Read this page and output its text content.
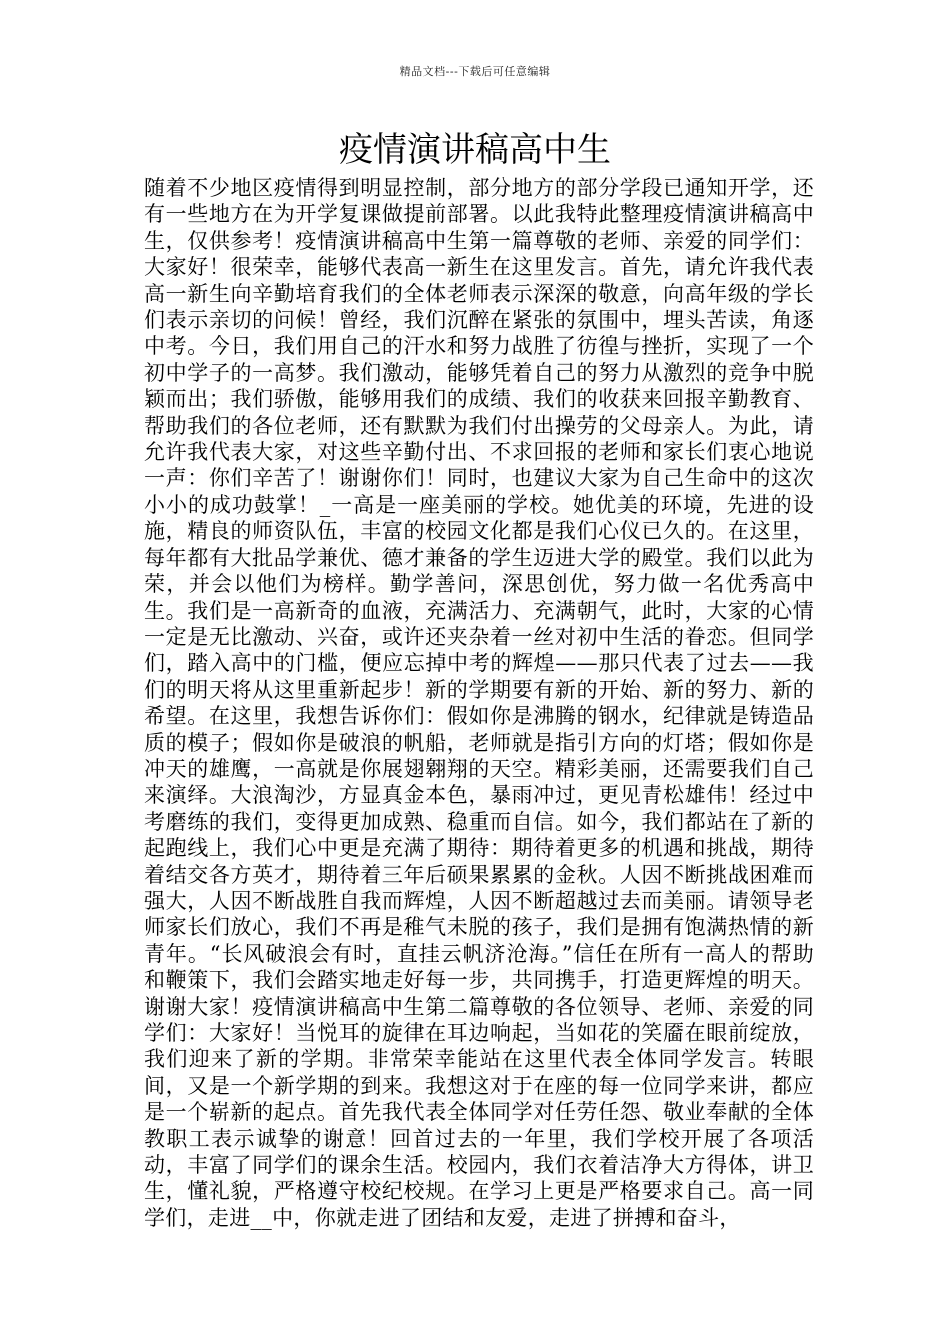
精品文档---下载后可任意编辑
疫情演讲稿高中生

随着不少地区疫情得到明显控制，部分地方的部分学段已通知开学，还有一些地方在为开学复课做提前部署。以此我特此整理疫情演讲稿高中生，仅供参考！疫情演讲稿高中生第一篇尊敬的老师、亲爱的同学们：大家好！很荣幸，能够代表高一新生在这里发言。首先，请允许我代表高一新生向辛勤培育我们的全体老师表示深深的敬意，向高年级的学长们表示亲切的问候！曾经，我们沉醉在紧张的氛围中，埋头苦读，角逐中考。今日，我们用自己的汗水和努力战胜了彷徨与挫折，实现了一个初中学子的一高梦。我们激动，能够凭着自己的努力从激烈的竞争中脱颖而出；我们骄傲，能够用我们的成绩、我们的收获来回报辛勤教育、帮助我们的各位老师，还有默默为我们付出操劳的父母亲人。为此，请允许我代表大家，对这些辛勤付出、不求回报的老师和家长们衷心地说一声：你们辛苦了！谢谢你们！同时，也建议大家为自己生命中的这次小小的成功鼓掌！_一高是一座美丽的学校。她优美的环境，先进的设施，精良的师资队伍，丰富的校园文化都是我们心仪已久的。在这里，每年都有大批品学兼优、德才兼备的学生迈进大学的殿堂。我们以此为荣，并会以他们为榜样。勤学善问，深思创优，努力做一名优秀高中生。我们是一高新奇的血液，充满活力、充满朝气，此时，大家的心情一定是无比激动、兴奋，或许还夹杂着一丝对初中生活的眷恋。但同学们，踏入高中的门槛，便应忘掉中考的辉煌——那只代表了过去——我们的明天将从这里重新起步！新的学期要有新的开始、新的努力、新的希望。在这里，我想告诉你们：假如你是沸腾的钢水，纪律就是铸造品质的模子；假如你是破浪的帆船，老师就是指引方向的灯塔；假如你是冲天的雄鹰，一高就是你展翅翱翔的天空。精彩美丽，还需要我们自己来演绎。大浪淘沙，方显真金本色，暴雨冲过，更见青松雄伟！经过中考磨练的我们，变得更加成熟、稳重而自信。如今，我们都站在了新的起跑线上，我们心中更是充满了期待：期待着更多的机遇和挑战，期待着结交各方英才，期待着三年后硕果累累的金秋。人因不断挑战困难而强大，人因不断战胜自我而辉煌，人因不断超越过去而美丽。请领导老师家长们放心，我们不再是稚气未脱的孩子，我们是拥有饱满热情的新青年。“长风破浪会有时，直挂云帆济沧海。”信任在所有一高人的帮助和鞭策下，我们会踏实地走好每一步，共同携手，打造更辉煌的明天。谢谢大家！疫情演讲稿高中生第二篇尊敬的各位领导、老师、亲爱的同学们：大家好！当悦耳的旋律在耳边响起，当如花的笑靥在眼前绽放，我们迎来了新的学期。非常荣幸能站在这里代表全体同学发言。转眼间，又是一个新学期的到来。我想这对于在座的每一位同学来讲，都应是一个崭新的起点。首先我代表全体同学对任劳任怨、敬业奉献的全体教职工表示诚挚的谢意！回首过去的一年里，我们学校开展了各项活动，丰富了同学们的课余生活。校园内，我们衣着洁净大方得体，讲卫生，懂礼貌，严格遵守校纪校规。在学习上更是严格要求自己。高一同学们，走进__中，你就走进了团结和友爱，走进了拼搏和奋斗，
